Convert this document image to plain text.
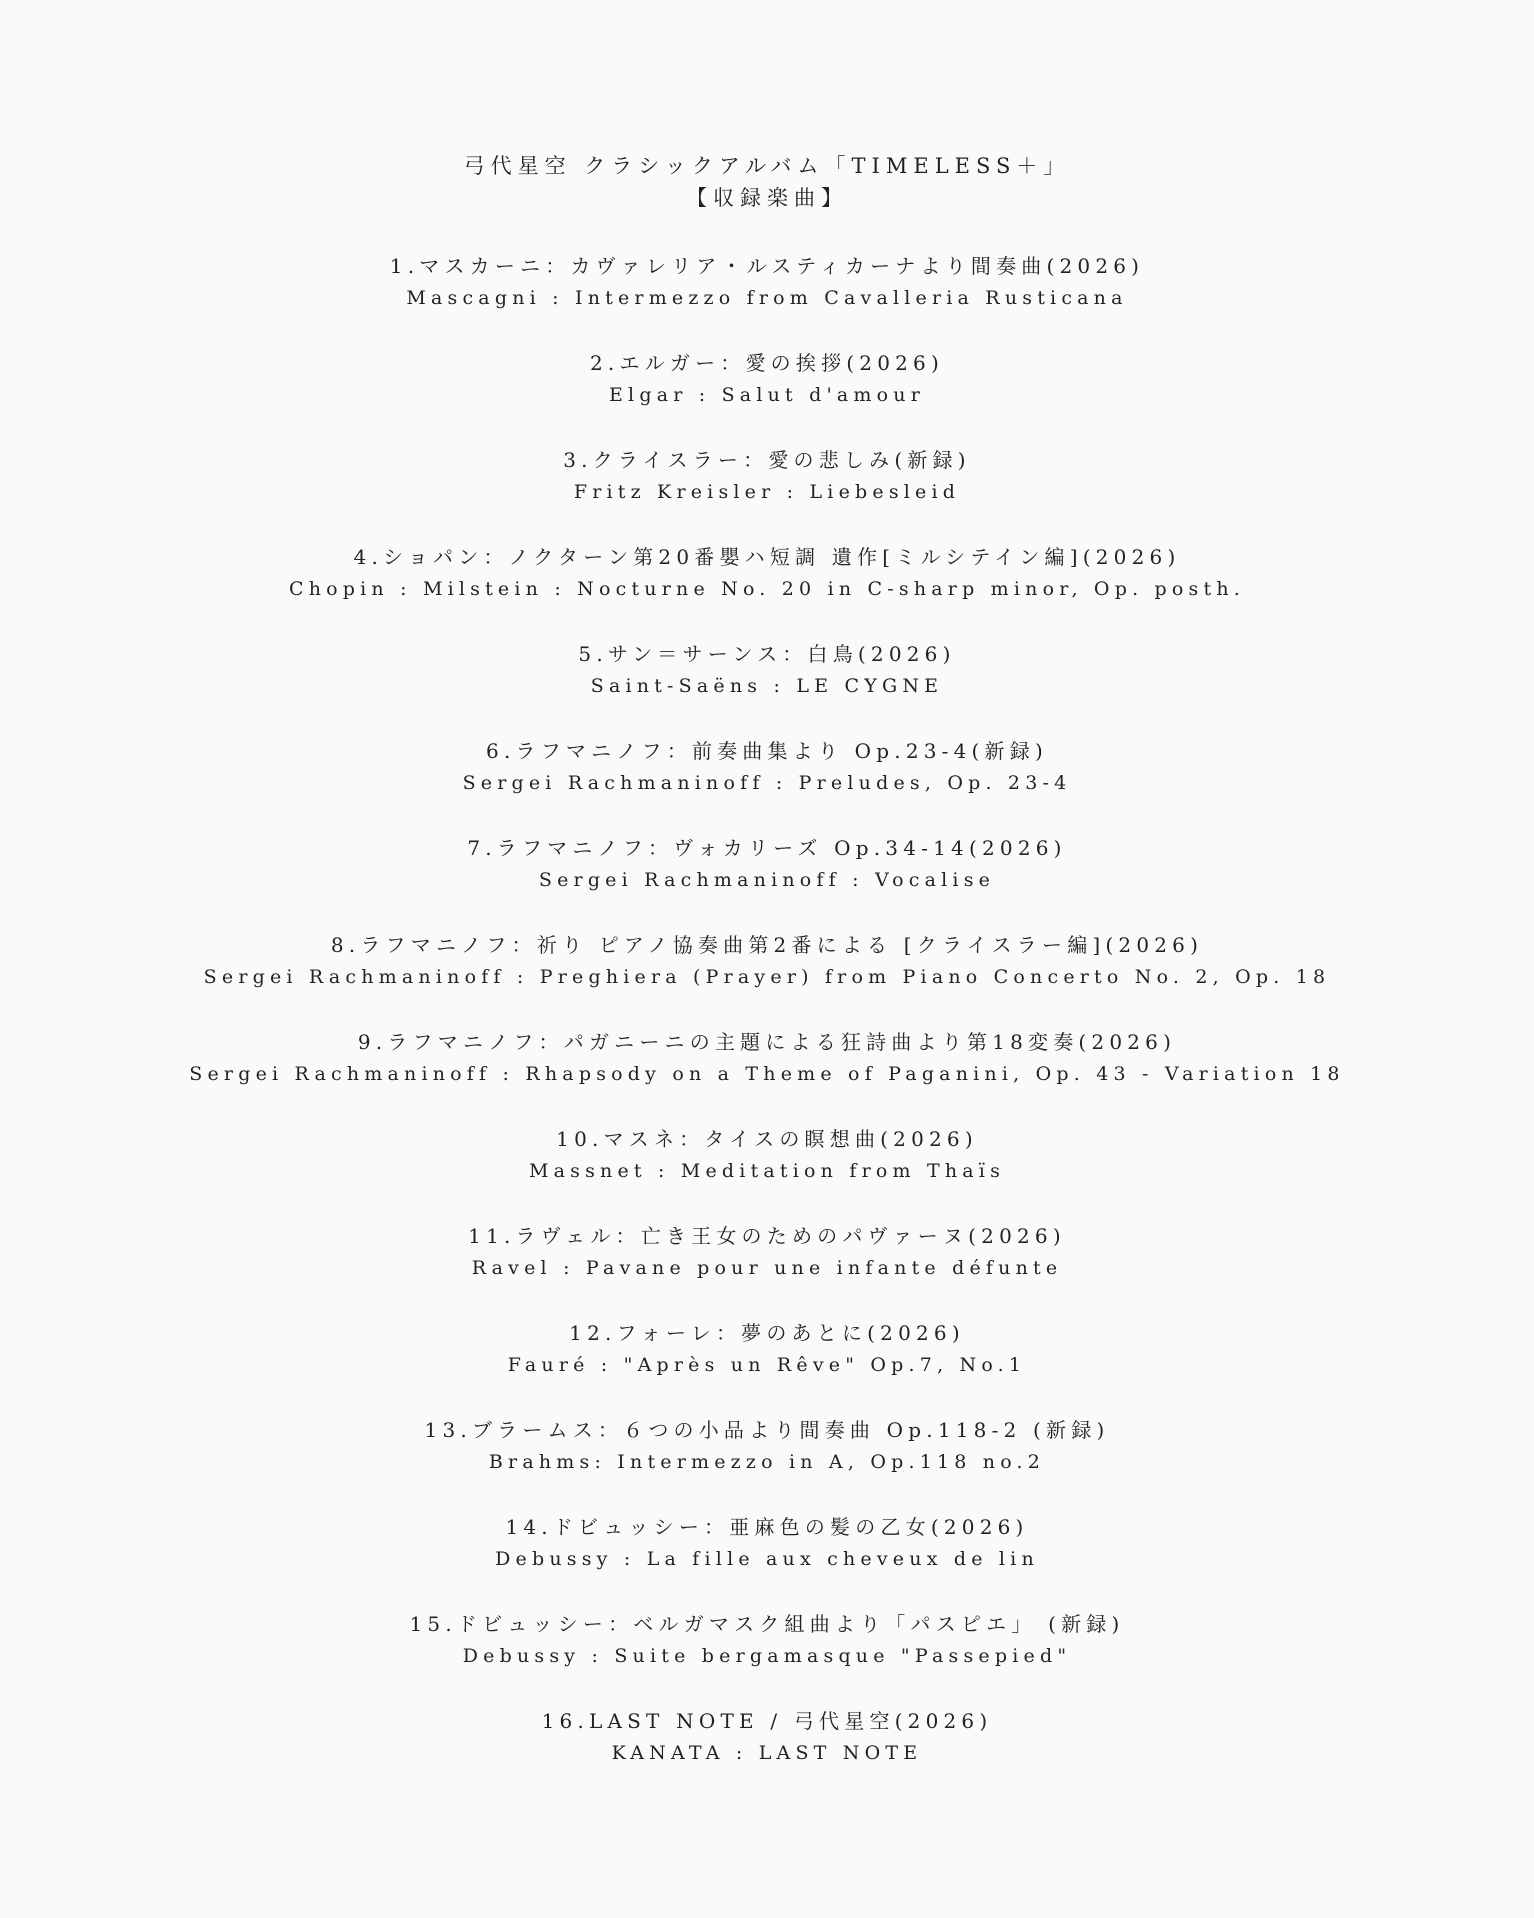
弓代星空 クラシックアルバム「TIMELESS＋」
【収録楽曲】
1.マスカーニ：カヴァレリア・ルスティカーナより間奏曲(2026)
Mascagni : Intermezzo from Cavalleria Rusticana
2.エルガー：愛の挨拶(2026)
Elgar : Salut d'amour
3.クライスラー：愛の悲しみ(新録)
Fritz Kreisler : Liebesleid
4.ショパン：ノクターン第20番嬰ハ短調 遺作[ミルシテイン編](2026)
Chopin : Milstein : Nocturne No. 20 in C-sharp minor, Op. posth.
5.サン＝サーンス：白鳥(2026)
Saint-Saëns : LE CYGNE
6.ラフマニノフ：前奏曲集より Op.23-4(新録)
Sergei Rachmaninoff : Preludes, Op. 23-4
7.ラフマニノフ：ヴォカリーズ Op.34-14(2026)
Sergei Rachmaninoff : Vocalise
8.ラフマニノフ：祈り ピアノ協奏曲第2番による [クライスラー編](2026)
Sergei Rachmaninoff : Preghiera (Prayer) from Piano Concerto No. 2, Op. 18
9.ラフマニノフ：パガニーニの主題による狂詩曲より第18変奏(2026)
Sergei Rachmaninoff : Rhapsody on a Theme of Paganini, Op. 43 - Variation 18
10.マスネ：タイスの瞑想曲(2026)
Massnet : Meditation from Thaïs
11.ラヴェル：亡き王女のためのパヴァーヌ(2026)
Ravel : Pavane pour une infante défunte
12.フォーレ：夢のあとに(2026)
Fauré : "Après un Rêve" Op.7, No.1
13.ブラームス：６つの小品より間奏曲 Op.118-2 (新録)
Brahms: Intermezzo in A, Op.118 no.2
14.ドビュッシー：亜麻色の髪の乙女(2026)
Debussy : La fille aux cheveux de lin
15.ドビュッシー：ベルガマスク組曲より「パスピエ」 (新録)
Debussy : Suite bergamasque "Passepied"
16.LAST NOTE / 弓代星空(2026)
KANATA : LAST NOTE
